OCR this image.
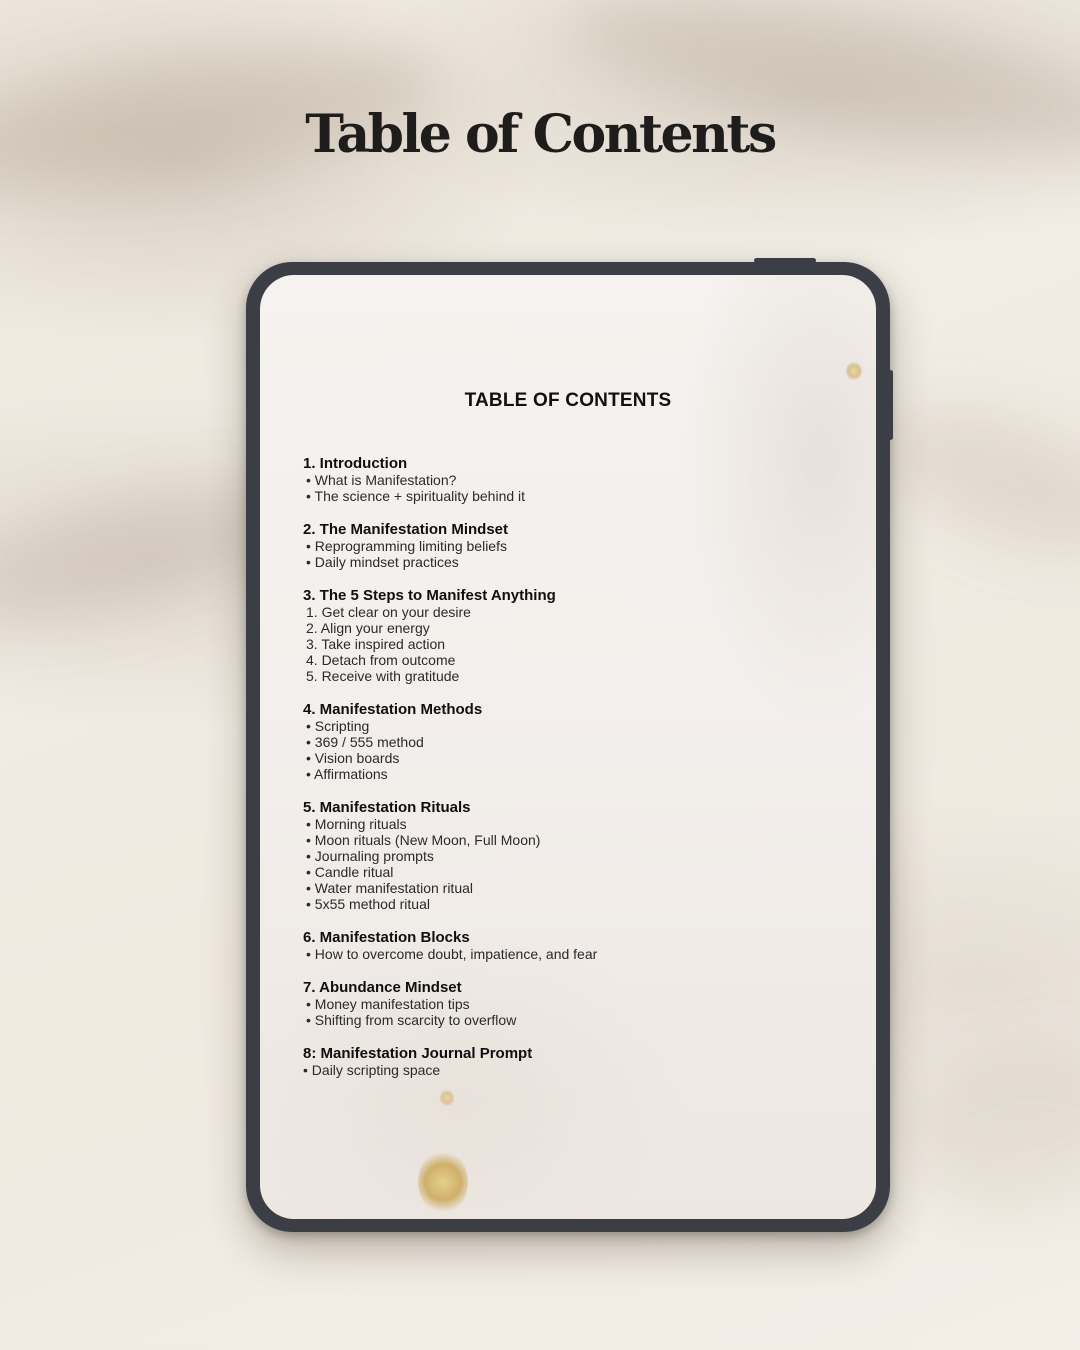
Table of Contents
TABLE OF CONTENTS
1. Introduction
• What is Manifestation?
• The science + spirituality behind it
2. The Manifestation Mindset
• Reprogramming limiting beliefs
• Daily mindset practices
3. The 5 Steps to Manifest Anything
1. Get clear on your desire
2. Align your energy
3. Take inspired action
4. Detach from outcome
5. Receive with gratitude
4. Manifestation Methods
• Scripting
• 369 / 555 method
• Vision boards
• Affirmations
5. Manifestation Rituals
• Morning rituals
• Moon rituals (New Moon, Full Moon)
• Journaling prompts
• Candle ritual
• Water manifestation ritual
• 5x55 method ritual
6. Manifestation Blocks
• How to overcome doubt, impatience, and fear
7. Abundance Mindset
• Money manifestation tips
• Shifting from scarcity to overflow
8: Manifestation Journal Prompt
• Daily scripting space
